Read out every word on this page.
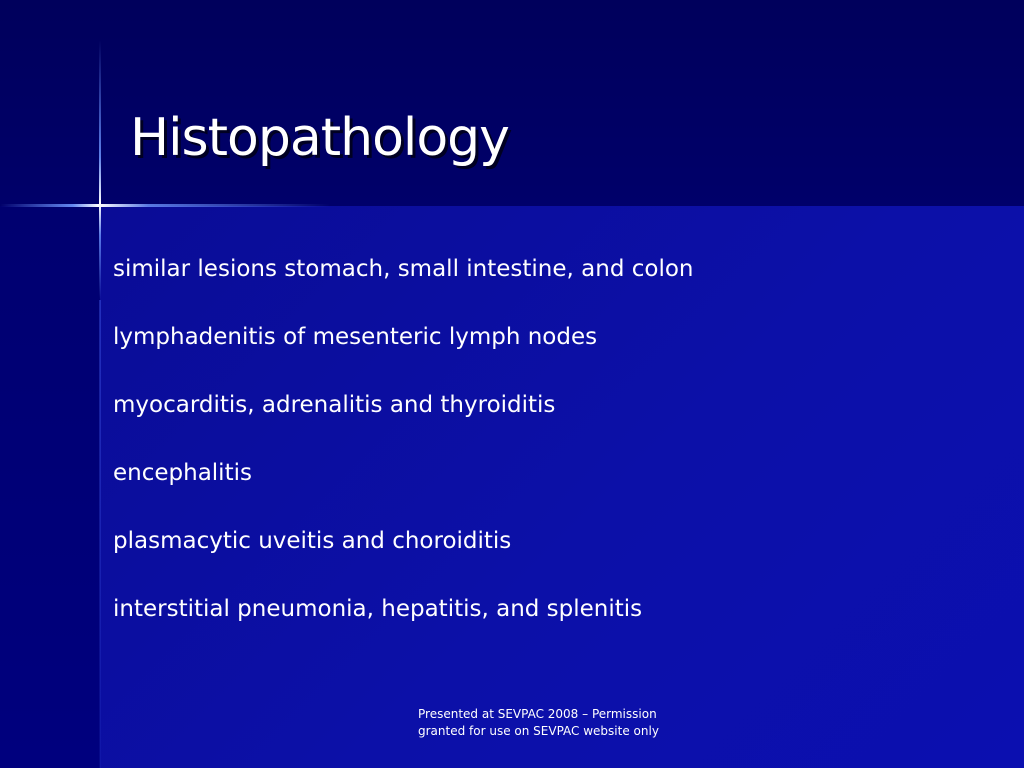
Histopathology
similar lesions stomach, small intestine, and colon
lymphadenitis of mesenteric lymph nodes
myocarditis, adrenalitis and thyroiditis
encephalitis
plasmacytic uveitis and choroiditis
interstitial pneumonia, hepatitis, and splenitis
Presented at SEVPAC 2008 – Permission
granted for use on SEVPAC website only
